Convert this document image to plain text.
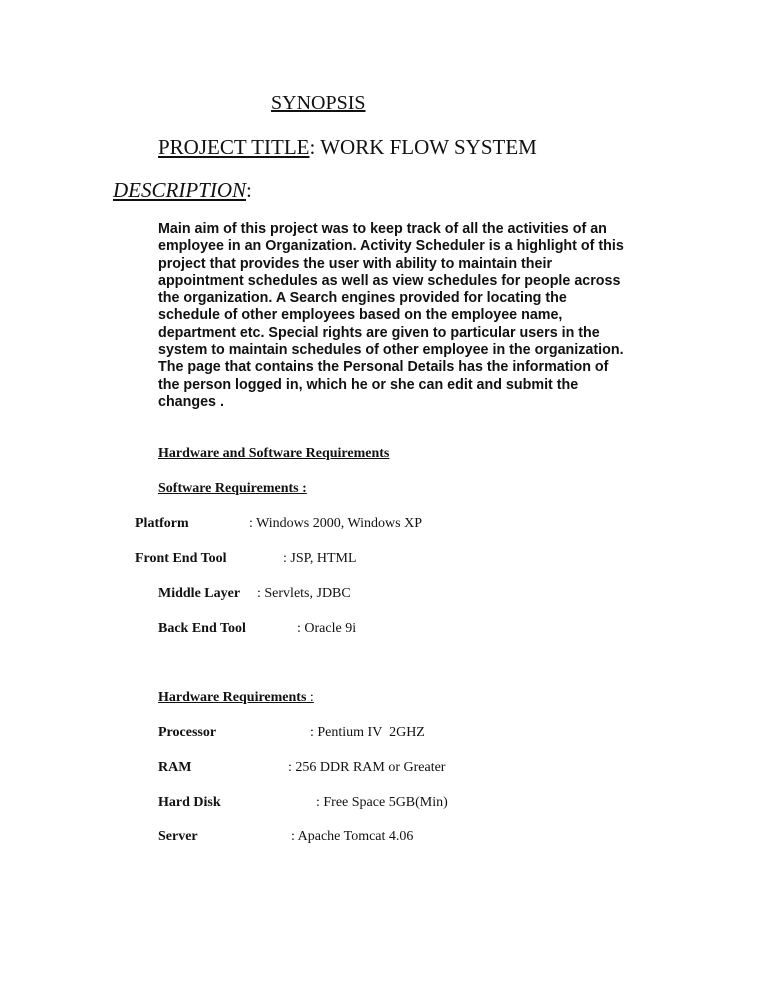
SYNOPSIS
PROJECT TITLE: WORK FLOW SYSTEM
DESCRIPTION:
Main aim of this project was to keep track of all the activities of an
employee in an Organization. Activity Scheduler is a highlight of this
project that provides the user with ability to maintain their
appointment schedules as well as view schedules for people across
the organization. A Search engines provided for locating the
schedule of other employees based on the employee name,
department etc. Special rights are given to particular users in the
system to maintain schedules of other employee in the organization.
The page that contains the Personal Details has the information of
the person logged in, which he or she can edit and submit the
changes .
Hardware and Software Requirements
Software Requirements :
Platform	: Windows 2000, Windows XP
Front End Tool	: JSP, HTML
Middle Layer : Servlets, JDBC
Back End Tool	: Oracle 9i
Hardware Requirements :
Processor	: Pentium IV  2GHZ
RAM	: 256 DDR RAM or Greater
Hard Disk	: Free Space 5GB(Min)
Server	: Apache Tomcat 4.06
